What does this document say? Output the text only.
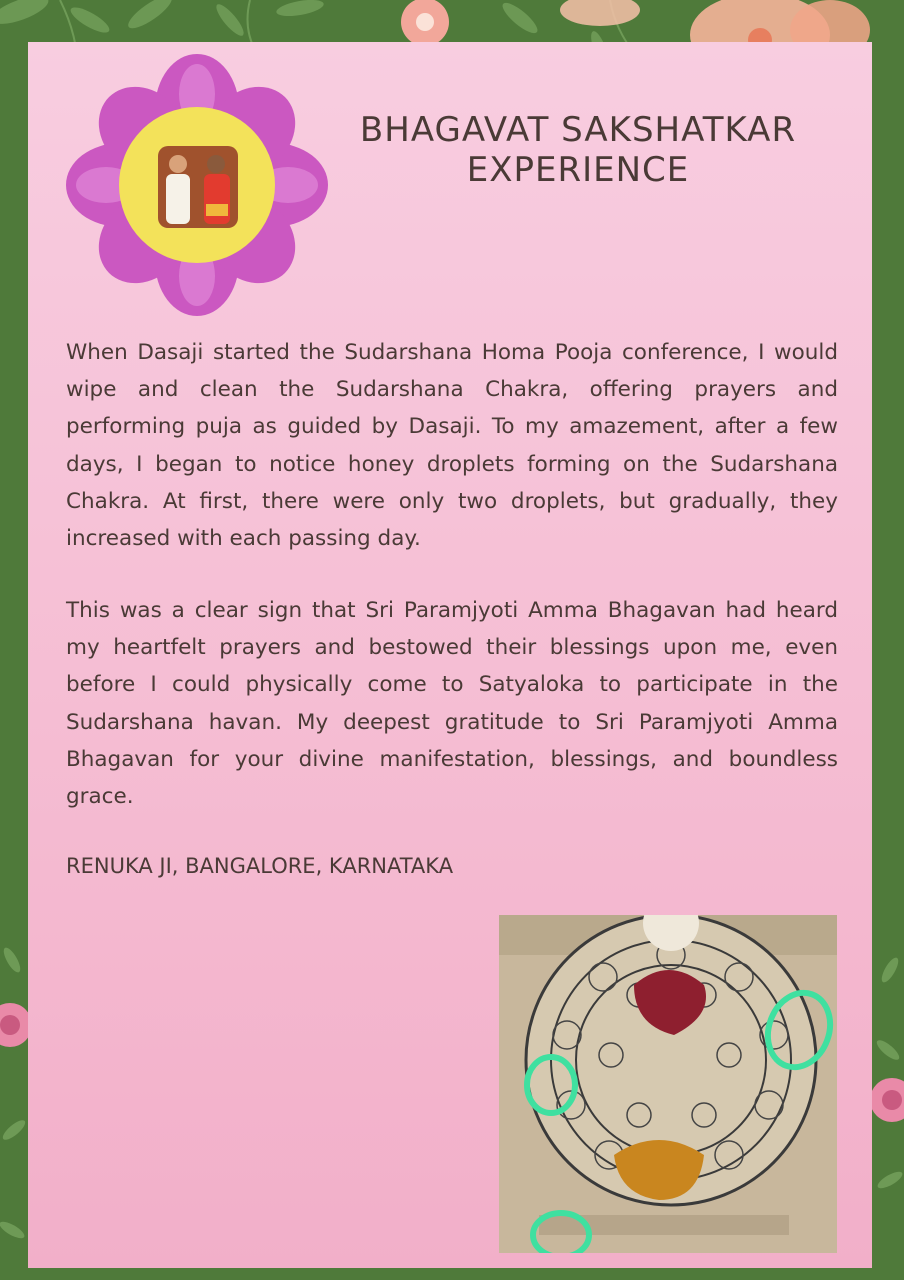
BHAGAVAT SAKSHATKAR EXPERIENCE

When Dasaji started the Sudarshana Homa Pooja conference, I would wipe and clean the Sudarshana Chakra, offering prayers and performing puja as guided by Dasaji. To my amazement, after a few days, I began to notice honey droplets forming on the Sudarshana Chakra. At first, there were only two droplets, but gradually, they increased with each passing day.

This was a clear sign that Sri Paramjyoti Amma Bhagavan had heard my heartfelt prayers and bestowed their blessings upon me, even before I could physically come to Satyaloka to participate in the Sudarshana havan. My deepest gratitude to Sri Paramjyoti Amma Bhagavan for your divine manifestation, blessings, and boundless grace.

RENUKA JI, BANGALORE, KARNATAKA
